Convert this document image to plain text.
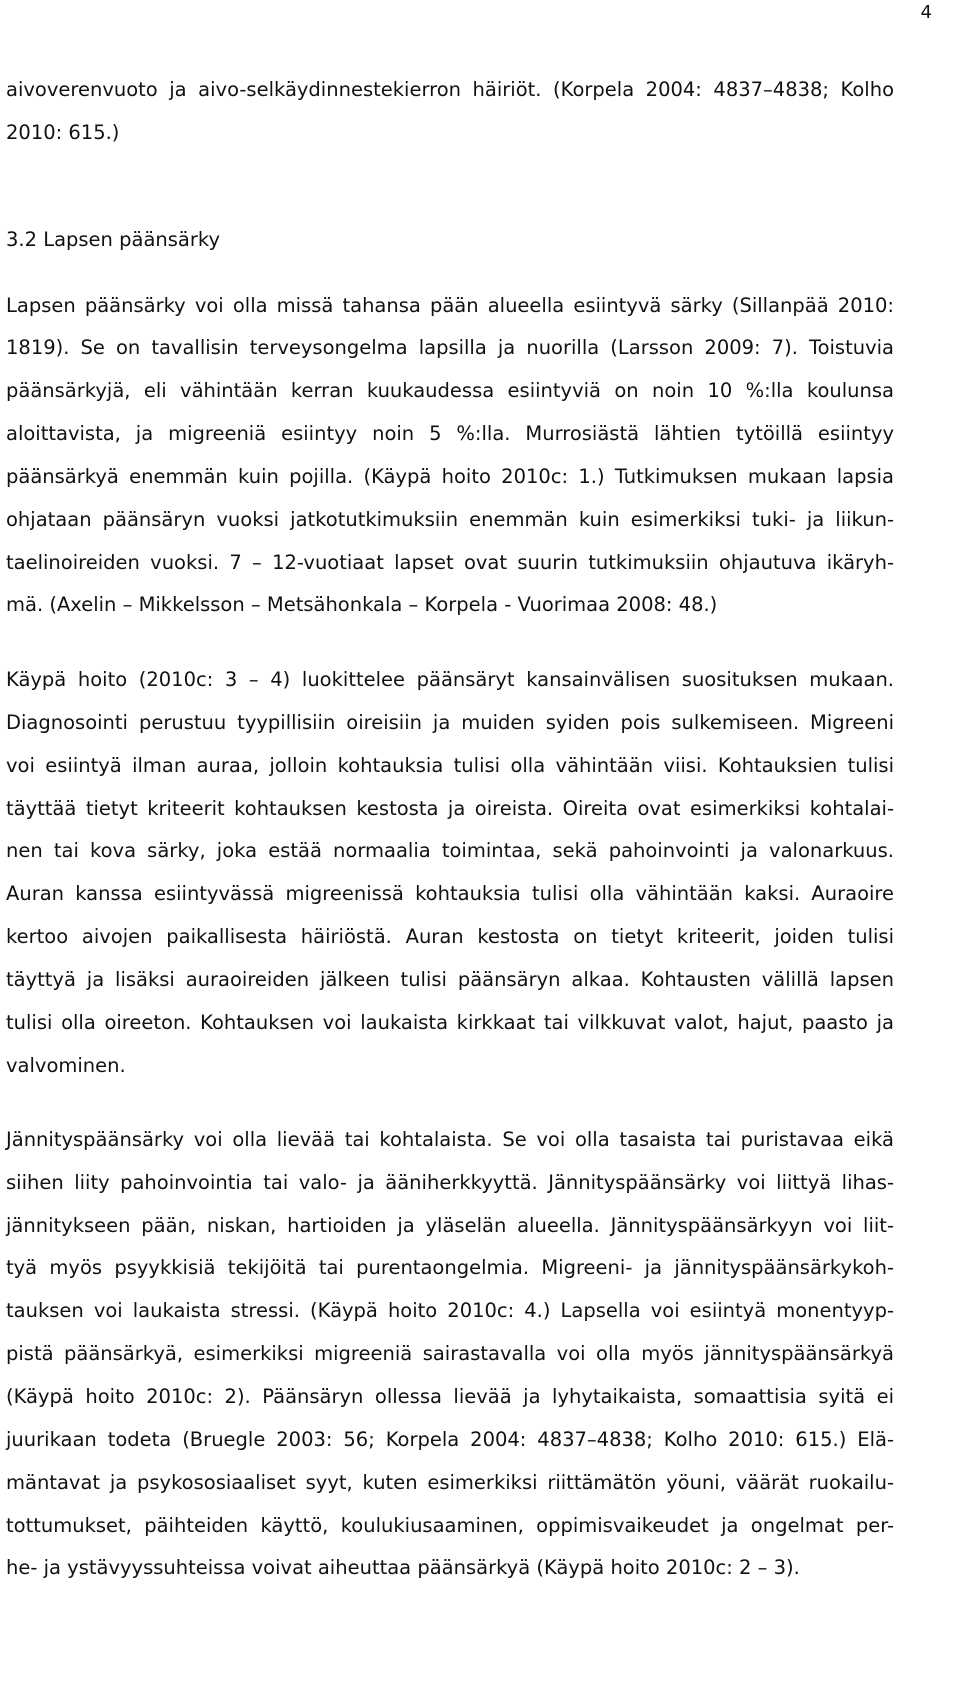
4
aivoverenvuoto ja aivo-selkäydinnestekierron häiriöt. (Korpela 2004: 4837–4838; Kolho
2010: 615.)
3.2 Lapsen päänsärky
Lapsen päänsärky voi olla missä tahansa pään alueella esiintyvä särky (Sillanpää 2010:
1819). Se on tavallisin terveysongelma lapsilla ja nuorilla (Larsson 2009: 7). Toistuvia
päänsärkyjä, eli vähintään kerran kuukaudessa esiintyviä on noin 10 %:lla koulunsa
aloittavista, ja migreeniä esiintyy noin 5 %:lla. Murrosiästä lähtien tytöillä esiintyy
päänsärkyä enemmän kuin pojilla. (Käypä hoito 2010c: 1.) Tutkimuksen mukaan lapsia
ohjataan päänsäryn vuoksi jatkotutkimuksiin enemmän kuin esimerkiksi tuki- ja liikun-
taelinoireiden vuoksi. 7 – 12-vuotiaat lapset ovat suurin tutkimuksiin ohjautuva ikäryh-
mä. (Axelin – Mikkelsson – Metsähonkala – Korpela - Vuorimaa 2008: 48.)
Käypä hoito (2010c: 3 – 4) luokittelee päänsäryt kansainvälisen suosituksen mukaan.
Diagnosointi perustuu tyypillisiin oireisiin ja muiden syiden pois sulkemiseen. Migreeni
voi esiintyä ilman auraa, jolloin kohtauksia tulisi olla vähintään viisi. Kohtauksien tulisi
täyttää tietyt kriteerit kohtauksen kestosta ja oireista. Oireita ovat esimerkiksi kohtalai-
nen tai kova särky, joka estää normaalia toimintaa, sekä pahoinvointi ja valonarkuus.
Auran kanssa esiintyvässä migreenissä kohtauksia tulisi olla vähintään kaksi. Auraoire
kertoo aivojen paikallisesta häiriöstä. Auran kestosta on tietyt kriteerit, joiden tulisi
täyttyä ja lisäksi auraoireiden jälkeen tulisi päänsäryn alkaa. Kohtausten välillä lapsen
tulisi olla oireeton. Kohtauksen voi laukaista kirkkaat tai vilkkuvat valot, hajut, paasto ja
valvominen.
Jännityspäänsärky voi olla lievää tai kohtalaista. Se voi olla tasaista tai puristavaa eikä
siihen liity pahoinvointia tai valo- ja ääniherkkyyttä. Jännityspäänsärky voi liittyä lihas-
jännitykseen pään, niskan, hartioiden ja yläselän alueella. Jännityspäänsärkyyn voi liit-
tyä myös psyykkisiä tekijöitä tai purentaongelmia. Migreeni- ja jännityspäänsärkykoh-
tauksen voi laukaista stressi. (Käypä hoito 2010c: 4.) Lapsella voi esiintyä monentyyp-
pistä päänsärkyä, esimerkiksi migreeniä sairastavalla voi olla myös jännityspäänsärkyä
(Käypä hoito 2010c: 2). Päänsäryn ollessa lievää ja lyhytaikaista, somaattisia syitä ei
juurikaan todeta (Bruegle 2003: 56; Korpela 2004: 4837–4838; Kolho 2010: 615.) Elä-
mäntavat ja psykososiaaliset syyt, kuten esimerkiksi riittämätön yöuni, väärät ruokailu-
tottumukset, päihteiden käyttö, koulukiusaaminen, oppimisvaikeudet ja ongelmat per-
he- ja ystävyyssuhteissa voivat aiheuttaa päänsärkyä (Käypä hoito 2010c: 2 – 3).
